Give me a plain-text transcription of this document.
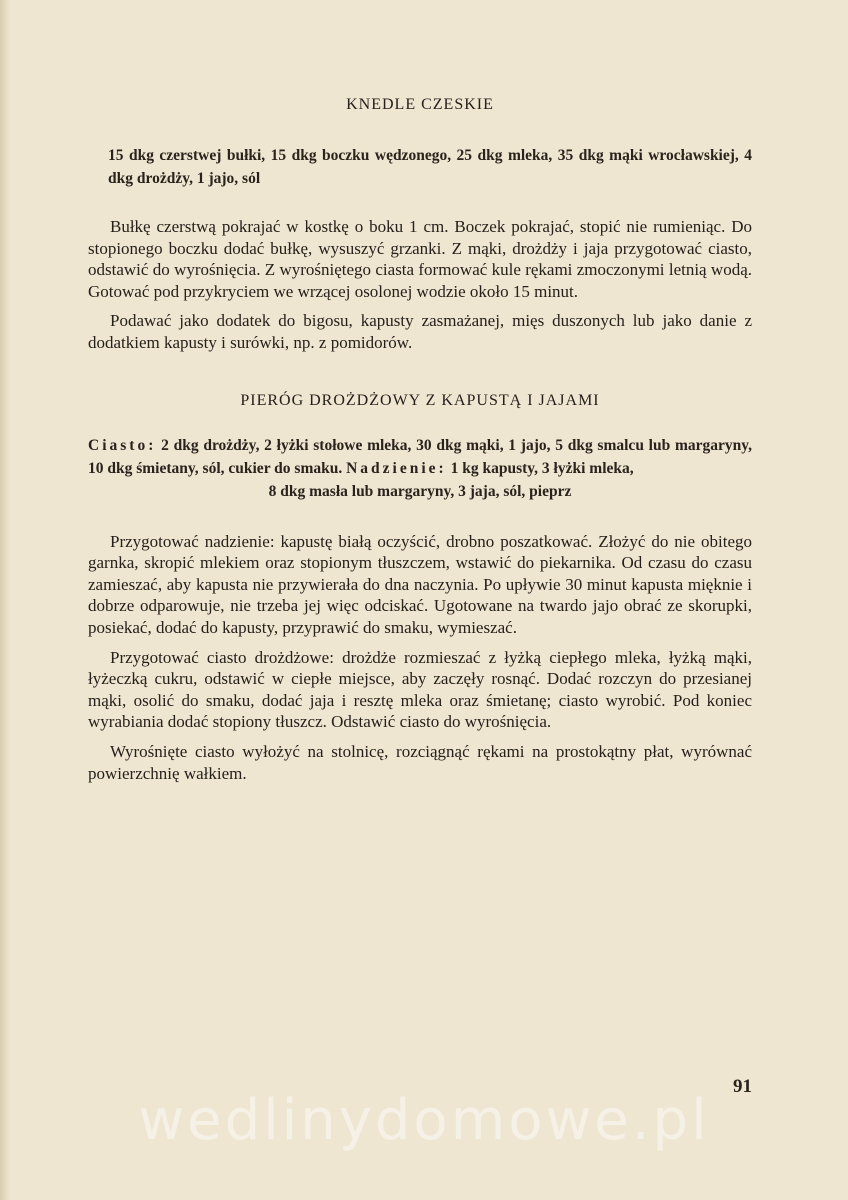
KNEDLE CZESKIE
15 dkg czerstwej bułki, 15 dkg boczku wędzonego, 25 dkg mleka, 35 dkg mąki wrocławskiej, 4 dkg drożdży, 1 jajo, sól

Bułkę czerstwą pokrajać w kostkę o boku 1 cm. Boczek pokrajać, stopić nie rumieniąc. Do stopionego boczku dodać bułkę, wysuszyć grzanki. Z mąki, drożdży i jaja przygotować ciasto, odstawić do wyrośnięcia. Z wyrośniętego ciasta formować kule rękami zmoczonymi letnią wodą. Gotować pod przykryciem we wrzącej osolonej wodzie około 15 minut.

Podawać jako dodatek do bigosu, kapusty zasmażanej, mięs duszonych lub jako danie z dodatkiem kapusty i surówki, np. z pomidorów.

PIERÓG DROŻDŻOWY Z KAPUSTĄ I JAJAMI
Ciasto: 2 dkg drożdży, 2 łyżki stołowe mleka, 30 dkg mąki, 1 jajo, 5 dkg smalcu lub margaryny, 10 dkg śmietany, sól, cukier do smaku. Nadzienie: 1 kg kapusty, 3 łyżki mleka,
8 dkg masła lub margaryny, 3 jaja, sól, pieprz

Przygotować nadzienie: kapustę białą oczyścić, drobno poszatkować. Złożyć do nie obitego garnka, skropić mlekiem oraz stopionym tłuszczem, wstawić do piekarnika. Od czasu do czasu zamieszać, aby kapusta nie przywierała do dna naczynia. Po upływie 30 minut kapusta mięknie i dobrze odparowuje, nie trzeba jej więc odciskać. Ugotowane na twardo jajo obrać ze skorupki, posiekać, dodać do kapusty, przyprawić do smaku, wymieszać.

Przygotować ciasto drożdżowe: drożdże rozmieszać z łyżką ciepłego mleka, łyżką mąki, łyżeczką cukru, odstawić w ciepłe miejsce, aby zaczęły rosnąć. Dodać rozczyn do przesianej mąki, osolić do smaku, dodać jaja i resztę mleka oraz śmietanę; ciasto wyrobić. Pod koniec wyrabiania dodać stopiony tłuszcz. Odstawić ciasto do wyrośnięcia.

Wyrośnięte ciasto wyłożyć na stolnicę, rozciągnąć rękami na prostokątny płat, wyrównać powierzchnię wałkiem.

91
wedlinydomowe.pl
